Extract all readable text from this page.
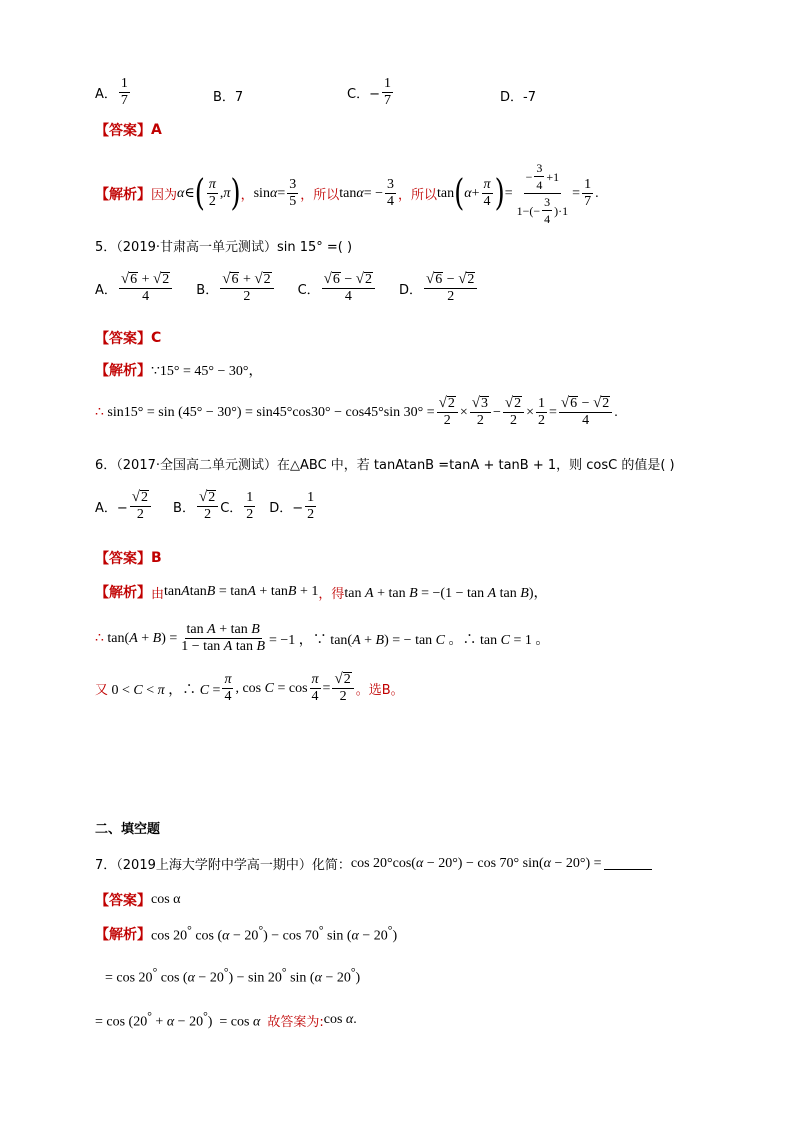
A． $\frac{1}{7}$	B．7	C．− $\frac{1}{7}$	D．-7
【答案】 A
【解析】 因为 α ∈ ( $\frac{\pi}{2}$ , π ) ， $\sin \alpha = \frac{3}{5}$ ，所以 tan α = − $\frac{3}{4}$ ，所以 tan ( $\alpha + \frac{\pi}{4}$ ) = $\frac{- \frac{3}{4} +1}{1-(- \frac{3}{4} )\cdot 1} = \frac{1}{7}$ .
5．（2019·甘肃高一单元测试）sin 15° =( )
A． $\frac{√ 6 + √ 2}{4}$ B． $\frac{√ 6 + √ 2}{2}$ C． $\frac{√ 6 - √ 2}{4}$ D． $\frac{√ 6 - √ 2}{2}$
【答案】 C
【解析】 ∵15° = 45° − 30°，
∴ sin15° = sin (45° − 30°) = sin45°cos30° − cos45°sin $30^\circ = \frac{√ 2}{2} \times \frac{√ 3}{2} - \frac{√ 2}{2} \times \frac{1}{2} = \frac{√ 6 - √ 2}{4}$ .
6．（2017·全国高二单元测试）在△ABC 中，若 tanAtanB =tanA + tanB + 1，则 cosC 的值是( )
A．− $\frac{√ 2}{2}$ B． $\frac{√ 2}{2}$ C． $\frac{1}{2}$ D．− $\frac{1}{2}$
【答案】 B
【解析】 由 tanAtanB = tanA + tanB + 1 ，得 tan A + tan B = −(1 − tan A tan B)，
∴ $\tan(A + B) = \frac{\text{tan A + tan B}}{\text{1 − tan A tan B}} = -1$ ，∵ tan(A + B) = − tan C 。∴ tan C = 1 。
又 0 < C < π ，∴ $C = \frac{\pi}{4}$ , $\cos C = \cos \frac{\pi}{4} = \frac{√ 2}{2}$ 。选B。
二、填空题
7．（2019上海大学附中学高一期中）化简： cos 20°cos(α − 20°) − cos 70° sin(α − 20°) =
【答案】 cos α
【解析】 cos 20° cos (α − 20°) − cos 70° sin (α − 20°)
= cos 20° cos (α − 20°) − sin 20° sin (α − 20°)
= cos (20° + α − 20°)  = cos α 故答案为: cos α.
